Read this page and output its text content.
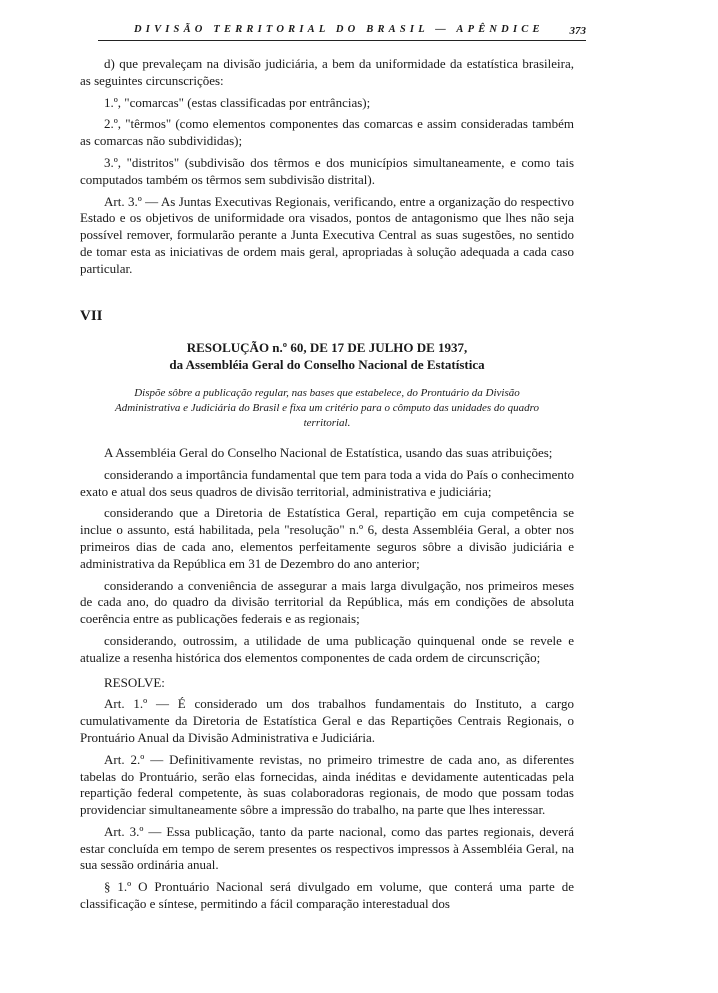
DIVISÃO TERRITORIAL DO BRASIL — APÊNDICE 373

d) que prevaleçam na divisão judiciária, a bem da uniformidade da estatística brasileira, as seguintes circunscrições:

1.º, "comarcas" (estas classificadas por entrâncias);

2.º, "têrmos" (como elementos componentes das comarcas e assim consideradas também as comarcas não subdivididas);

3.º, "distritos" (subdivisão dos têrmos e dos municípios simultaneamente, e como tais computados também os têrmos sem subdivisão distrital).

Art. 3.º — As Juntas Executivas Regionais, verificando, entre a organização do respectivo Estado e os objetivos de uniformidade ora visados, pontos de antagonismo que lhes não seja possível remover, formularão perante a Junta Executiva Central as suas sugestões, no sentido de tomar esta as iniciativas de ordem mais geral, apropriadas à solução adequada a cada caso particular.

VII

RESOLUÇÃO n.º 60, DE 17 DE JULHO DE 1937,

da Assembléia Geral do Conselho Nacional de Estatística

Dispõe sôbre a publicação regular, nas bases que estabelece, do Prontuário da Divisão Administrativa e Judiciária do Brasil e fixa um critério para o cômputo das unidades do quadro territorial.

A Assembléia Geral do Conselho Nacional de Estatística, usando das suas atribuições;

considerando a importância fundamental que tem para toda a vida do País o conhecimento exato e atual dos seus quadros de divisão territorial, administrativa e judiciária;

considerando que a Diretoria de Estatística Geral, repartição em cuja competência se inclue o assunto, está habilitada, pela "resolução" n.º 6, desta Assembléia Geral, a obter nos primeiros dias de cada ano, elementos perfeitamente seguros sôbre a divisão judiciária e administrativa da República em 31 de Dezembro do ano anterior;

considerando a conveniência de assegurar a mais larga divulgação, nos primeiros meses de cada ano, do quadro da divisão territorial da República, más em condições de absoluta coerência entre as publicações federais e as regionais;

considerando, outrossim, a utilidade de uma publicação quinquenal onde se revele e atualize a resenha histórica dos elementos componentes de cada ordem de circunscrição;

RESOLVE:

Art. 1.º — É considerado um dos trabalhos fundamentais do Instituto, a cargo cumulativamente da Diretoria de Estatística Geral e das Repartições Centrais Regionais, o Prontuário Anual da Divisão Administrativa e Judiciária.

Art. 2.º — Definitivamente revistas, no primeiro trimestre de cada ano, as diferentes tabelas do Prontuário, serão elas fornecidas, ainda inéditas e devidamente autenticadas pela repartição federal competente, às suas colaboradoras regionais, de modo que possam todas providenciar simultaneamente sôbre a impressão do trabalho, na parte que lhes interessar.

Art. 3.º — Essa publicação, tanto da parte nacional, como das partes regionais, deverá estar concluída em tempo de serem presentes os respectivos impressos à Assembléia Geral, na sua sessão ordinária anual.

§ 1.º O Prontuário Nacional será divulgado em volume, que conterá uma parte de classificação e síntese, permitindo a fácil comparação interestadual dos
